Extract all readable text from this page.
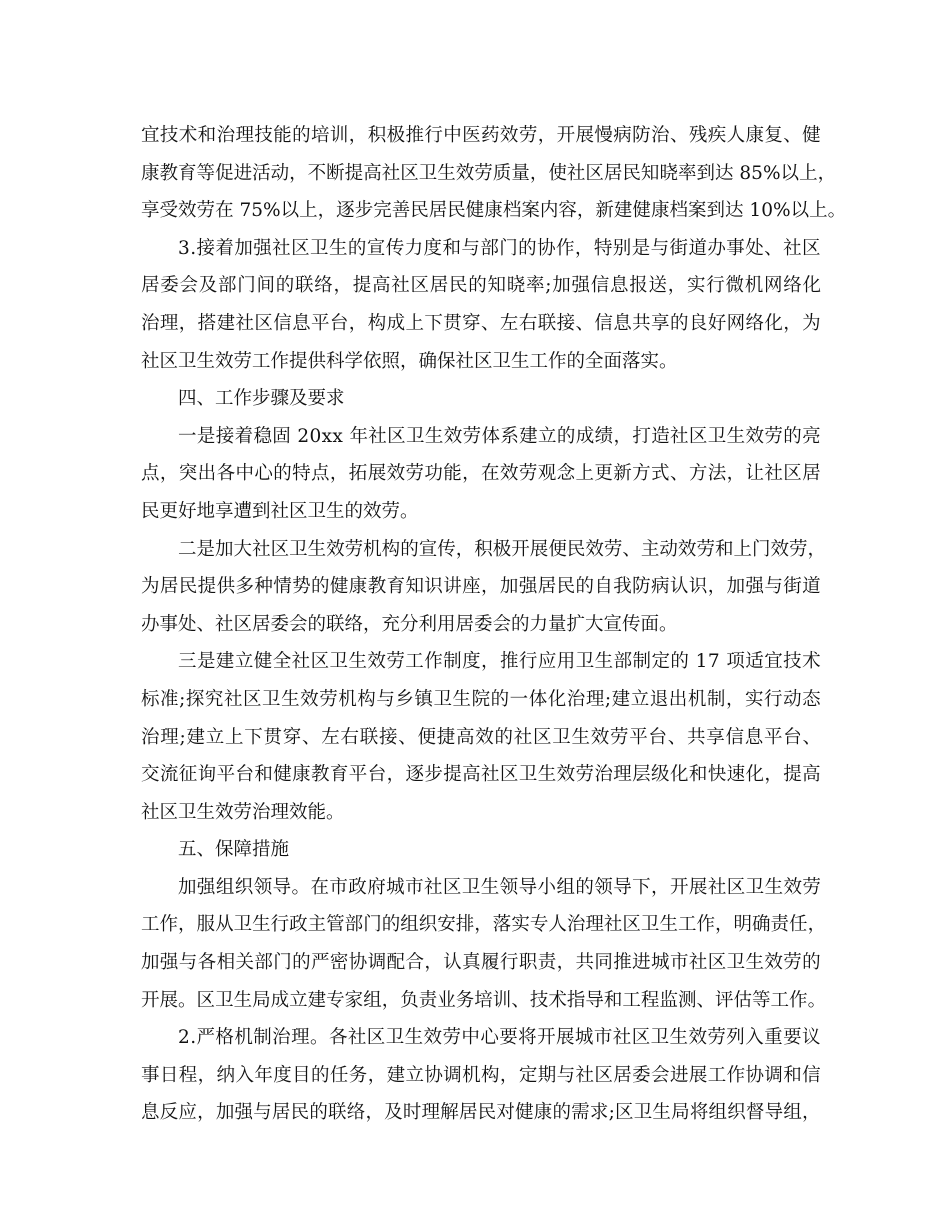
宜 技 术 和 治 理 技 能 的 培 训 ， 积 极 推 行 中 医 药 效 劳 ， 开 展 慢 病 防 治 、 残 疾 人 康 复 、 健
康 教 育 等 促 进 活 动 ， 不 断 提 高 社 区 卫 生 效 劳 质 量 ， 使 社 区 居 民 知 晓 率 到 达
8 5 % 以 上 ，
享 受 效 劳 在
7 5 % 以 上 ， 逐 步 完 善 民 居 民 健 康 档 案 内 容 ， 新 建 健 康 档 案 到 达
1 0 % 以 上 。
3 . 接 着 加 强 社 区 卫 生 的 宣 传 力 度 和 与 部 门 的 协 作 ， 特 别 是 与 街 道 办 事 处 、 社 区
居 委 会 及 部 门 间 的 联 络 ， 提 高 社 区 居 民 的 知 晓 率 ; 加 强 信 息 报 送 ， 实 行 微 机 网 络 化
治 理 ， 搭 建 社 区 信 息 平 台 ， 构 成 上 下 贯 穿 、 左 右 联 接 、 信 息 共 享 的 良 好 网 络 化 ， 为
社区卫生效劳工作提供科学依照，确保社区卫生工作的全面落实。
四、工作步骤及要求
一 是 接 着 稳 固
2 0 x x
年 社 区 卫 生 效 劳 体 系 建 立 的 成 绩 ， 打 造 社 区 卫 生 效 劳 的 亮
点 ， 突 出 各 中 心 的 特 点 ， 拓 展 效 劳 功 能 ， 在 效 劳 观 念 上 更 新 方 式 、 方 法 ， 让 社 区 居
民更好地享遭到社区卫生的效劳。
二 是 加 大 社 区 卫 生 效 劳 机 构 的 宣 传 ， 积 极 开 展 便 民 效 劳 、 主 动 效 劳 和 上 门 效 劳 ，
为 居 民 提 供 多 种 情 势 的 健 康 教 育 知 识 讲 座 ， 加 强 居 民 的 自 我 防 病 认 识 ， 加 强 与 街 道
办事处、社区居委会的联络，充分利用居委会的力量扩大宣传面。
三 是 建 立 健 全 社 区 卫 生 效 劳 工 作 制 度 ， 推 行 应 用 卫 生 部 制 定 的
1 7
项 适 宜 技 术
标 准 ; 探 究 社 区 卫 生 效 劳 机 构 与 乡 镇 卫 生 院 的 一 体 化 治 理 ; 建 立 退 出 机 制 ， 实 行 动 态
治 理 ; 建 立 上 下 贯 穿 、 左 右 联 接 、 便 捷 高 效 的 社 区 卫 生 效 劳 平 台 、 共 享 信 息 平 台 、
交 流 征 询 平 台 和 健 康 教 育 平 台 ， 逐 步 提 高 社 区 卫 生 效 劳 治 理 层 级 化 和 快 速 化 ， 提 高
社区卫生效劳治理效能。
五、保障措施
加 强 组 织 领 导 。 在 市 政 府 城 市 社 区 卫 生 领 导 小 组 的 领 导 下 ， 开 展 社 区 卫 生 效 劳
工 作 ， 服 从 卫 生 行 政 主 管 部 门 的 组 织 安 排 ， 落 实 专 人 治 理 社 区 卫 生 工 作 ， 明 确 责 任 ，
加 强 与 各 相 关 部 门 的 严 密 协 调 配 合 ， 认 真 履 行 职 责 ， 共 同 推 进 城 市 社 区 卫 生 效 劳 的
开 展 。 区 卫 生 局 成 立 建 专 家 组 ， 负 责 业 务 培 训 、 技 术 指 导 和 工 程 监 测 、 评 估 等 工 作 。
2 . 严 格 机 制 治 理 。 各 社 区 卫 生 效 劳 中 心 要 将 开 展 城 市 社 区 卫 生 效 劳 列 入 重 要 议
事 日 程 ， 纳 入 年 度 目 的 任 务 ， 建 立 协 调 机 构 ， 定 期 与 社 区 居 委 会 进 展 工 作 协 调 和 信
息 反 应 ， 加 强 与 居 民 的 联 络 ， 及 时 理 解 居 民 对 健 康 的 需 求 ; 区 卫 生 局 将 组 织 督 导 组 ，
